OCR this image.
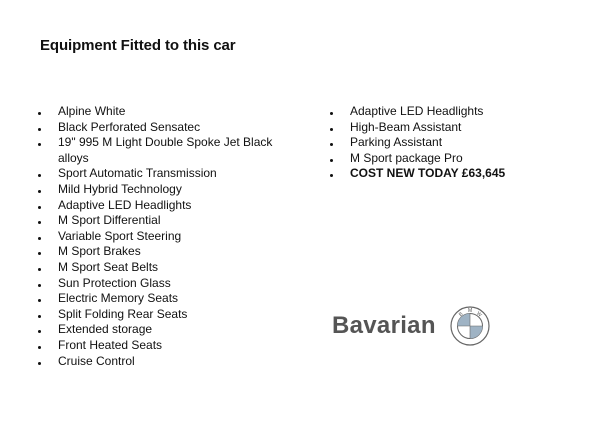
Equipment Fitted to this car
Alpine White
Black Perforated Sensatec
19" 995 M Light Double Spoke Jet Black alloys
Sport Automatic Transmission
Mild Hybrid Technology
Adaptive LED Headlights
M Sport Differential
Variable Sport Steering
M Sport Brakes
M Sport Seat Belts
Sun Protection Glass
Electric Memory Seats
Split Folding Rear Seats
Extended storage
Front Heated Seats
Cruise Control
Adaptive LED Headlights
High-Beam Assistant
Parking Assistant
M Sport package Pro
COST NEW TODAY £63,645
Bavarian	B
M W
